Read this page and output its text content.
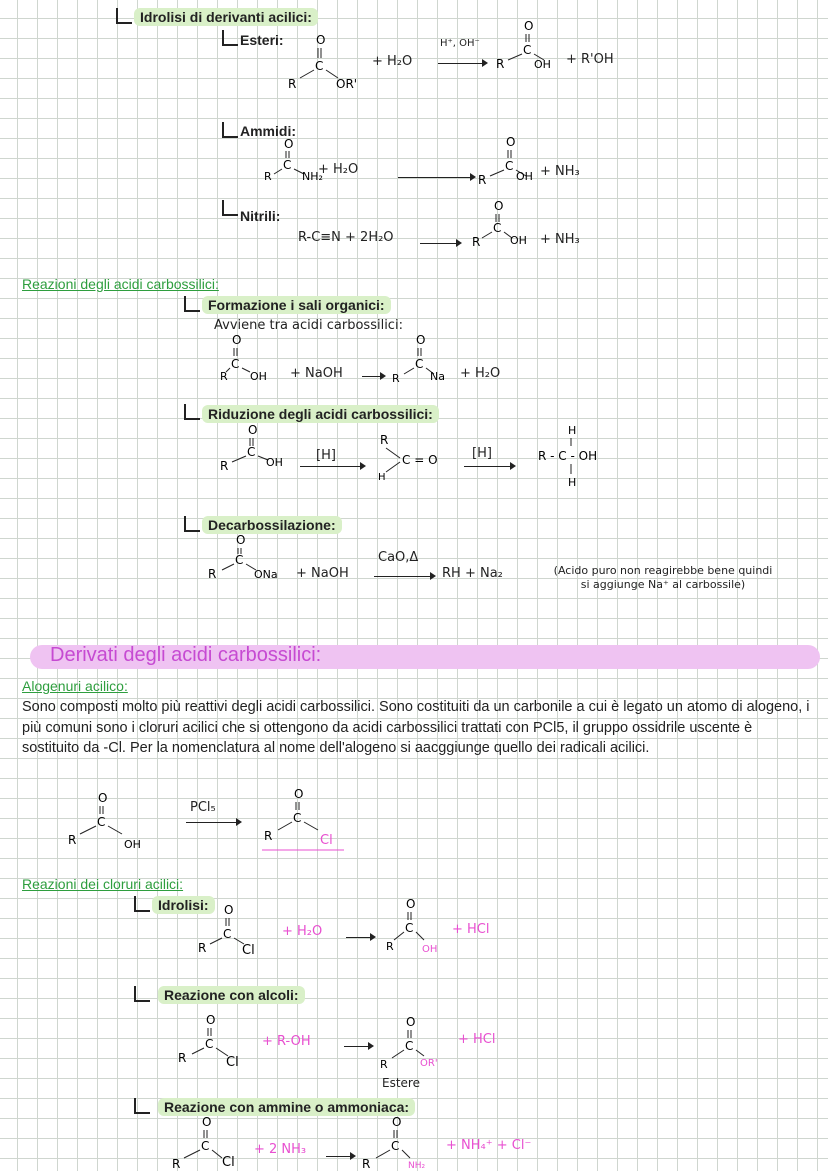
Idrolisi di derivanti acilici:
Esteri:	O
C
R	OR'
+ H₂O
H⁺, OH⁻
O
C
R	OH + R'OH
Ammidi:
O
C
R	NH₂
+ H₂O
O
C
R	OH + NH₃
Nitrili:
R-C≡N + 2H₂O
O
C
R	OH + NH₃
Reazioni degli acidi carbossilici:
Formazione i sali organici:
Avviene tra acidi carbossilici:
O
C
R OH + NaOH →
O
C
R	Na + H₂O
Riduzione degli acidi carbossilici:
O
C
R	OH	[H]
R
C = O
H
[H]
H
R - C - OH
H
Decarbossilazione:
O
C
R	ONa + NaOH
CaO,Δ
→ RH + Na₂	(Acido puro non reagirebbe bene quindi si aggiunge Na⁺ al carbossile)
Derivati degli acidi carbossilici:
Alogenuri acilico:
Sono composti molto più reattivi degli acidi carbossilici. Sono costituiti da un carbonile a cui è legato un atomo di alogeno, i più comuni sono i cloruri acilici che si ottengono da acidi carbossilici trattati con PCl5, il gruppo ossidrile uscente è sostituito da -Cl. Per la nomenclatura al nome dell'alogeno si aacggiunge quello dei radicali acilici.
O
C
R	OH
PCl₅
O
C
R	Cl
Reazioni dei cloruri acilici:
Idrolisi:	O
C
R	Cl
+ H₂O →
O
C
R	OH
+ HCl
Reazione con alcoli:
O
C
R	Cl
+ R-OH
O
C
R	OR'
Estere
+ HCl
Reazione con ammine o ammoniaca:
O
C
R	Cl
+ 2 NH₃ →
O
C
R	NH₂
+ NH₄⁺ + Cl⁻
